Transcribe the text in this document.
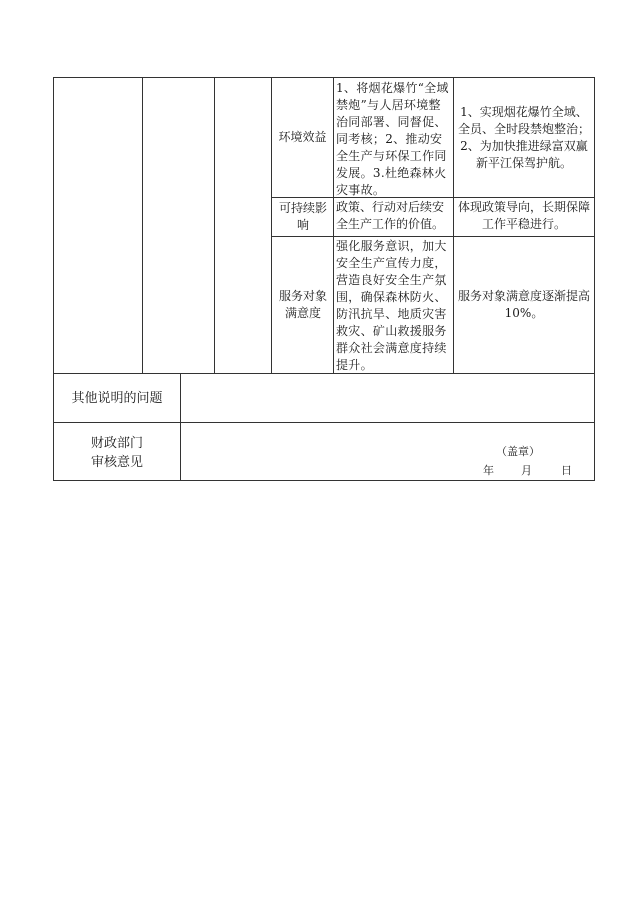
环境效益
1、将烟花爆竹“全域禁炮”与人居环境整治同部署、同督促、同考核；2、推动安全生产与环保工作同发展。3.杜绝森林火灾事故。
1、实现烟花爆竹全域、全员、全时段禁炮整治；2、为加快推进绿富双赢新平江保驾护航。
可持续影响
政策、行动对后续安全生产工作的价值。
体现政策导向，长期保障工作平稳进行。
服务对象满意度
强化服务意识，加大安全生产宣传力度，营造良好安全生产氛围，确保森林防火、防汛抗旱、地质灾害救灾、矿山救援服务群众社会满意度持续提升。
服务对象满意度逐渐提高10%。
其他说明的问题
财政部门
审核意见
（盖章）
年 月	日
